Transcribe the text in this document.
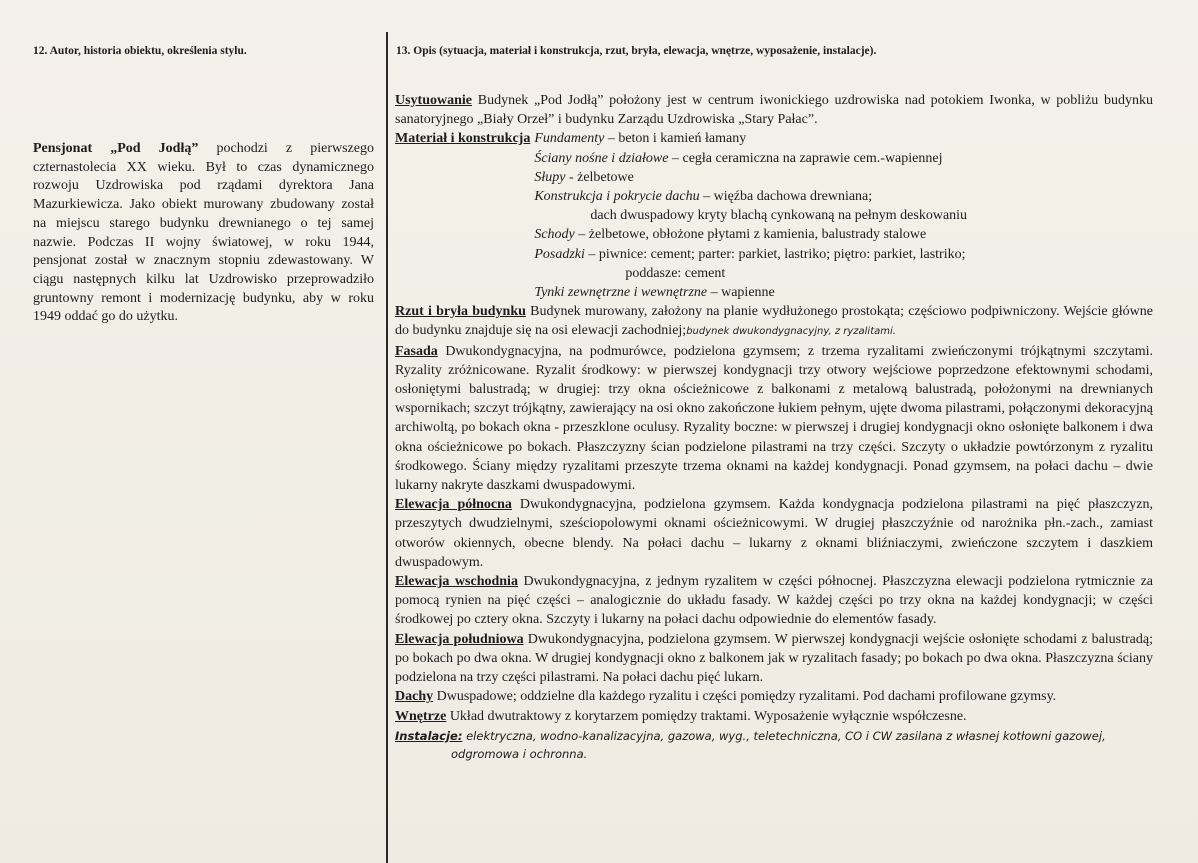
12. Autor, historia obiektu, określenia stylu.	13. Opis (sytuacja, materiał i konstrukcja, rzut, bryła, elewacja, wnętrze, wyposażenie, instalacje).
Pensjonat „Pod Jodłą” pochodzi z pierwszego czternastolecia XX wieku. Był to czas dynamicznego rozwoju Uzdrowiska pod rządami dyrektora Jana Mazurkiewicza. Jako obiekt murowany zbudowany został na miejscu starego budynku drewnianego o tej samej nazwie. Podczas II wojny światowej, w roku 1944, pensjonat został w znacznym stopniu zdewastowany. W ciągu następnych kilku lat Uzdrowisko przeprowadziło gruntowny remont i modernizację budynku, aby w roku 1949 oddać go do użytku.

Usytuowanie Budynek „Pod Jodłą” położony jest w centrum iwonickiego uzdrowiska nad potokiem Iwonka, w pobliżu budynku sanatoryjnego „Biały Orzeł” i budynku Zarządu Uzdrowiska „Stary Pałac”.

Materiał i konstrukcja Fundamenty – beton i kamień łamany
Ściany nośne i działowe – cegła ceramiczna na zaprawie cem.-wapiennej
Słupy - żelbetowe
Konstrukcja i pokrycie dachu – więźba dachowa drewniana;
dach dwuspadowy kryty blachą cynkowaną na pełnym deskowaniu
Schody – żelbetowe, obłożone płytami z kamienia, balustrady stalowe
Posadzki – piwnice: cement; parter: parkiet, lastriko; piętro: parkiet, lastriko;
poddasze: cement
Tynki zewnętrzne i wewnętrzne – wapienne

Rzut i bryła budynku Budynek murowany, założony na planie wydłużonego prostokąta; częściowo podpiwniczony. Wejście główne do budynku znajduje się na osi elewacji zachodniej;budynek dwukondygnacyjny, z ryzalitami.

Fasada Dwukondygnacyjna, na podmurówce, podzielona gzymsem; z trzema ryzalitami zwieńczonymi trójkątnymi szczytami. Ryzality zróżnicowane. Ryzalit środkowy: w pierwszej kondygnacji trzy otwory wejściowe poprzedzone efektownymi schodami, osłoniętymi balustradą; w drugiej: trzy okna ościeżnicowe z balkonami z metalową balustradą, położonymi na drewnianych wspornikach; szczyt trójkątny, zawierający na osi okno zakończone łukiem pełnym, ujęte dwoma pilastrami, połączonymi dekoracyjną archiwoltą, po bokach okna - przeszklone oculusy. Ryzality boczne: w pierwszej i drugiej kondygnacji okno osłonięte balkonem i dwa okna ościeżnicowe po bokach. Płaszczyzny ścian podzielone pilastrami na trzy części. Szczyty o układzie powtórzonym z ryzalitu środkowego. Ściany między ryzalitami przeszyte trzema oknami na każdej kondygnacji. Ponad gzymsem, na połaci dachu – dwie lukarny nakryte daszkami dwuspadowymi.

Elewacja północna Dwukondygnacyjna, podzielona gzymsem. Każda kondygnacja podzielona pilastrami na pięć płaszczyzn, przeszytych dwudzielnymi, sześciopolowymi oknami ościeżnicowymi. W drugiej płaszczyźnie od narożnika płn.-zach., zamiast otworów okiennych, obecne blendy. Na połaci dachu – lukarny z oknami bliźniaczymi, zwieńczone szczytem i daszkiem dwuspadowym.

Elewacja wschodnia Dwukondygnacyjna, z jednym ryzalitem w części północnej. Płaszczyzna elewacji podzielona rytmicznie za pomocą rynien na pięć części – analogicznie do układu fasady. W każdej części po trzy okna na każdej kondygnacji; w części środkowej po cztery okna. Szczyty i lukarny na połaci dachu odpowiednie do elementów fasady.

Elewacja południowa Dwukondygnacyjna, podzielona gzymsem. W pierwszej kondygnacji wejście osłonięte schodami z balustradą; po bokach po dwa okna. W drugiej kondygnacji okno z balkonem jak w ryzalitach fasady; po bokach po dwa okna. Płaszczyzna ściany podzielona na trzy części pilastrami. Na połaci dachu pięć lukarn.

Dachy Dwuspadowe; oddzielne dla każdego ryzalitu i części pomiędzy ryzalitami. Pod dachami profilowane gzymsy.

Wnętrze Układ dwutraktowy z korytarzem pomiędzy traktami. Wyposażenie wyłącznie współczesne.

Instalacje: elektryczna, wodno-kanalizacyjna, gazowa, wyg., teletechniczna, CO i CW zasilana z własnej kotłowni gazowej,
odgromowa i ochronna.
